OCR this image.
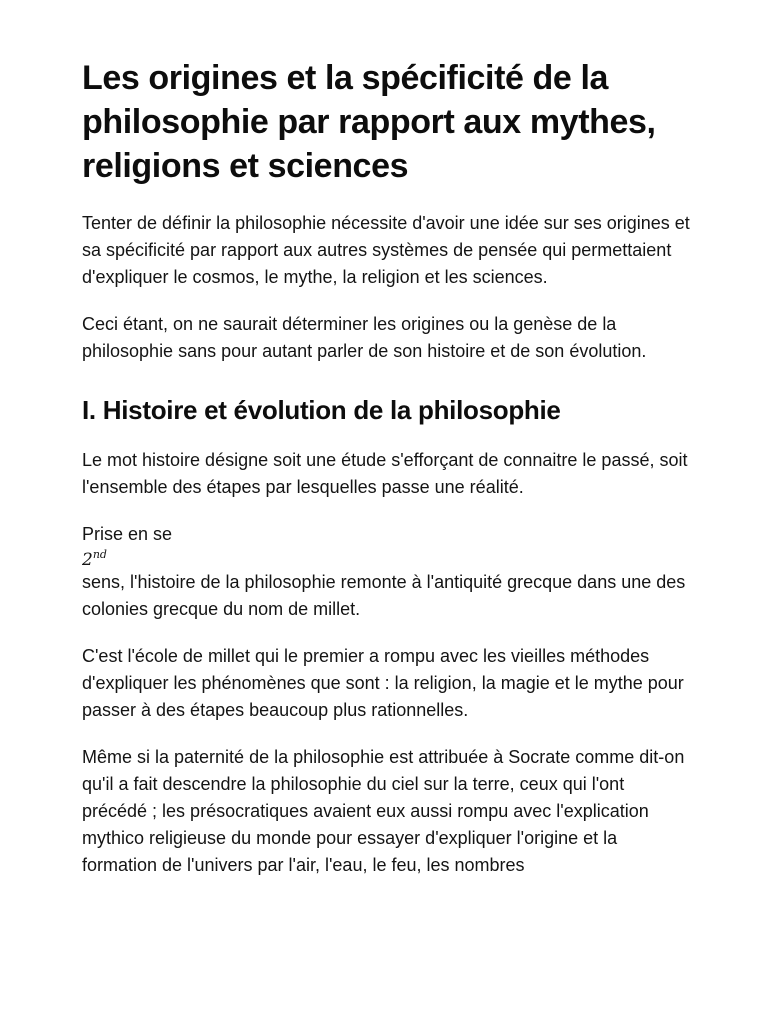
Les origines et la spécificité de la philosophie par rapport aux mythes, religions et sciences

Tenter de définir la philosophie nécessite d'avoir une idée sur ses origines et sa spécificité par rapport aux autres systèmes de pensée qui permettaient d'expliquer le cosmos, le mythe, la religion et les sciences.

Ceci étant, on ne saurait déterminer les origines ou la genèse de la philosophie sans pour autant parler de son histoire et de son évolution.

I. Histoire et évolution de la philosophie

Le mot histoire désigne soit une étude s'efforçant de connaitre le passé, soit l'ensemble des étapes par lesquelles passe une réalité.

Prise en se
2nd
sens, l'histoire de la philosophie remonte à l'antiquité grecque dans une des colonies grecque du nom de millet.

C'est l'école de millet qui le premier a rompu avec les vieilles méthodes d'expliquer les phénomènes que sont : la religion, la magie et le mythe pour passer à des étapes beaucoup plus rationnelles.

Même si la paternité de la philosophie est attribuée à Socrate comme dit-on qu'il a fait descendre la philosophie du ciel sur la terre, ceux qui l'ont précédé ; les présocratiques avaient eux aussi rompu avec l'explication mythico religieuse du monde pour essayer d'expliquer l'origine et la formation de l'univers par l'air, l'eau, le feu, les nombres
